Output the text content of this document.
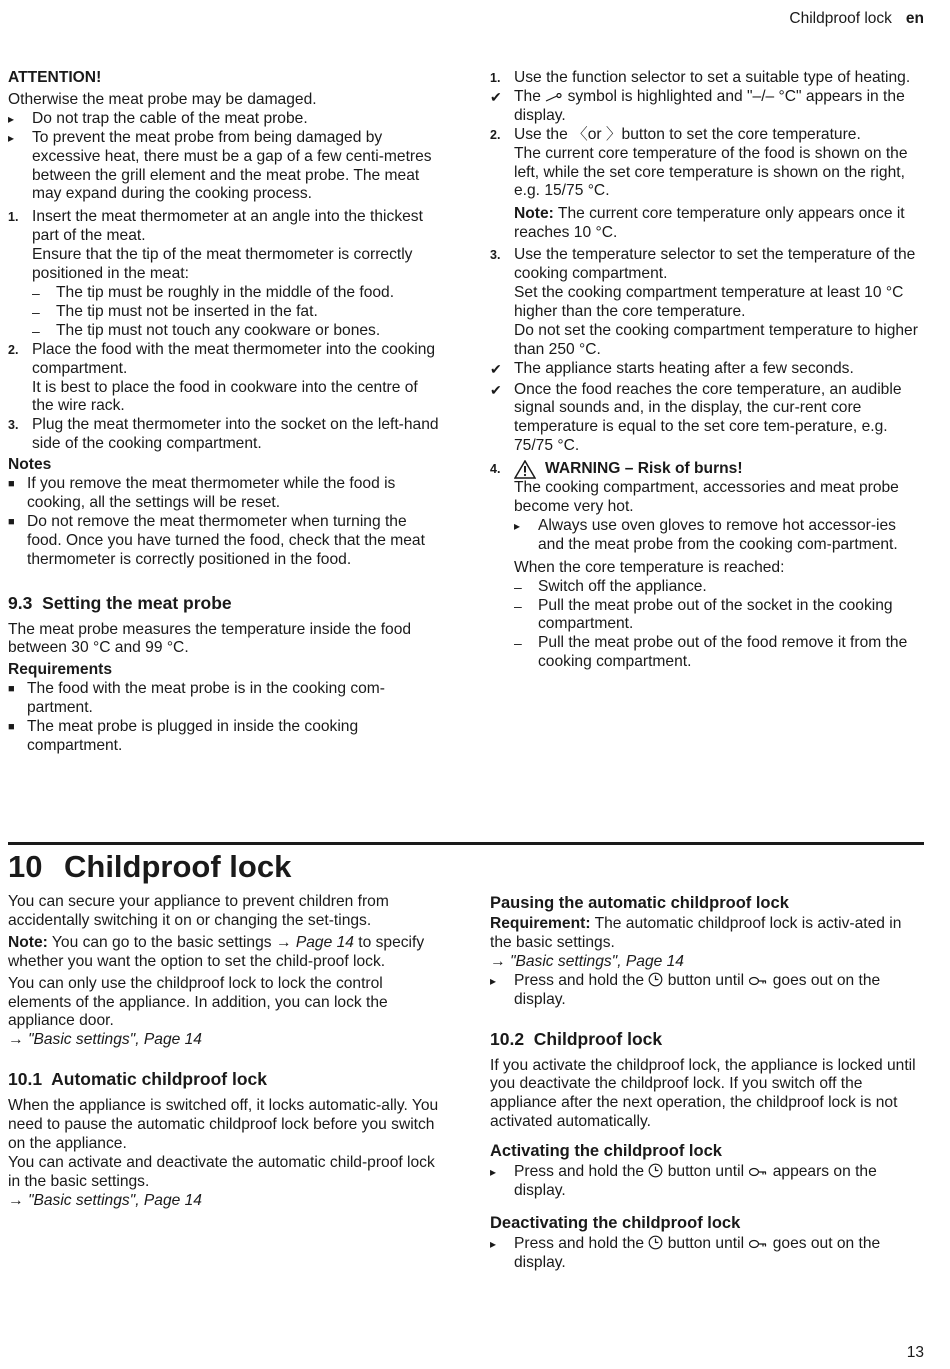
Childproof lock en

ATTENTION!

Otherwise the meat probe may be damaged.

▸	Do not trap the cable of the meat probe.
▸	To prevent the meat probe from being damaged by excessive heat, there must be a gap of a few centi-metres between the grill element and the meat probe. The meat may expand during the cooking process.
1. Insert the meat thermometer at an angle into the thickest part of the meat.
Ensure that the tip of the meat thermometer is correctly positioned in the meat:
–	The tip must be roughly in the middle of the food.
–	The tip must not be inserted in the fat.
–	The tip must not touch any cookware or bones.
2. Place the food with the meat thermometer into the cooking compartment.
It is best to place the food in cookware into the centre of the wire rack.
3. Plug the meat thermometer into the socket on the left-hand side of the cooking compartment.

Notes

■ If you remove the meat thermometer while the food is cooking, all the settings will be reset.
■ Do not remove the meat thermometer when turning the food. Once you have turned the food, check that the meat thermometer is correctly positioned in the food.
9.3 Setting the meat probe

The meat probe measures the temperature inside the food between 30 °C and 99 °C.

Requirements

■ The food with the meat probe is in the cooking com-partment.
■ The meat probe is plugged in inside the cooking compartment.
1. Use the function selector to set a suitable type of heating.
✔ The symbol is highlighted and "–/– °C" appears in the display.
2. Use the 〈or 〉button to set the core temperature.
The current core temperature of the food is shown on the left, while the set core temperature is shown on the right, e.g. 15/75 °C.

Note: The current core temperature only appears once it reaches 10 °C.

3. Use the temperature selector to set the temperature of the cooking compartment.
Set the cooking compartment temperature at least 10 °C higher than the core temperature.
Do not set the cooking compartment temperature to higher than 250 °C.
✔ The appliance starts heating after a few seconds.
✔ Once the food reaches the core temperature, an audible signal sounds and, in the display, the cur-rent core temperature is equal to the set core tem-perature, e.g. 75/75 °C.
4.	WARNING – Risk of burns!
The cooking compartment, accessories and meat probe become very hot.
▸	Always use oven gloves to remove hot accessor-ies and the meat probe from the cooking com-partment.

When the core temperature is reached:

–	Switch off the appliance.
–	Pull the meat probe out of the socket in the cooking compartment.
–	Pull the meat probe out of the food remove it from the cooking compartment.
10 Childproof lock

You can secure your appliance to prevent children from accidentally switching it on or changing the set-tings.

Note: You can go to the basic settings → Page 14 to specify whether you want the option to set the child-proof lock.

You can only use the childproof lock to lock the control elements of the appliance. In addition, you can lock the appliance door.

→ "Basic settings", Page 14

10.1 Automatic childproof lock

When the appliance is switched off, it locks automatic-ally. You need to pause the automatic childproof lock before you switch on the appliance.

You can activate and deactivate the automatic child-proof lock in the basic settings.

→ "Basic settings", Page 14

Pausing the automatic childproof lock

Requirement: The automatic childproof lock is activ-ated in the basic settings.

→ "Basic settings", Page 14

▸	Press and hold the button until goes out on the display.
10.2 Childproof lock

If you activate the childproof lock, the appliance is locked until you deactivate the childproof lock. If you switch off the appliance after the next operation, the childproof lock is not activated automatically.

Activating the childproof lock
▸	Press and hold the button until appears on the display.
Deactivating the childproof lock
▸	Press and hold the button until goes out on the display.
13
